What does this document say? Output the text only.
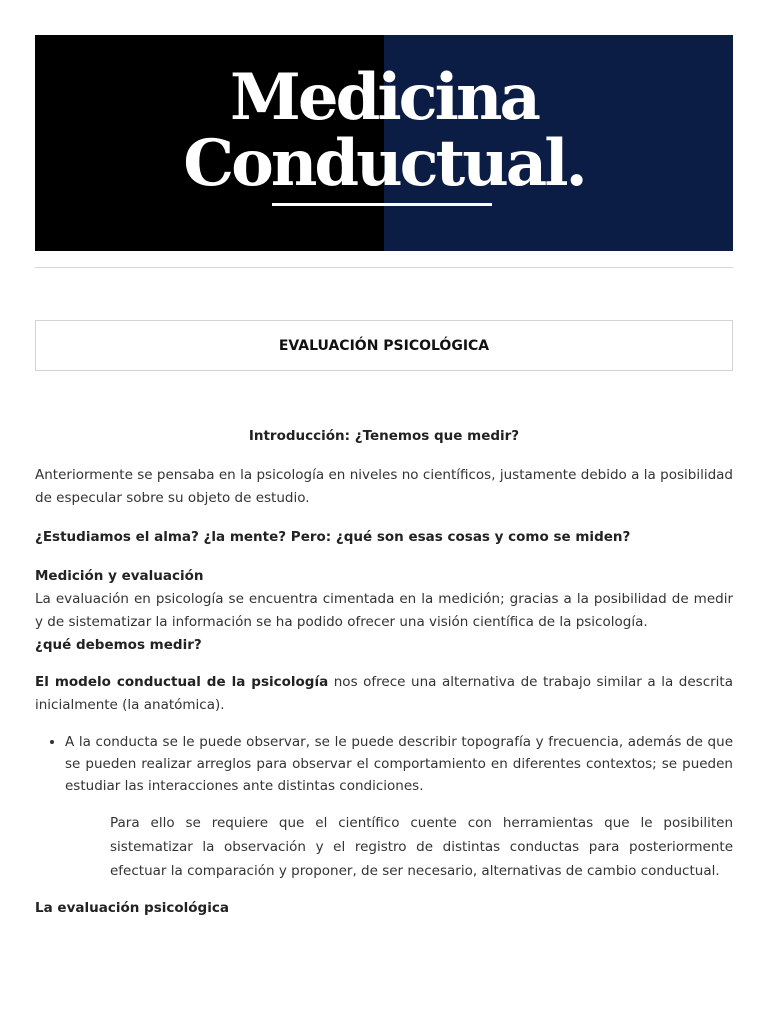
Medicina
Conductual.
EVALUACIÓN PSICOLÓGICA

Introducción: ¿Tenemos que medir?

Anteriormente se pensaba en la psicología en niveles no científicos, justamente debido a la posibilidad de especular sobre su objeto de estudio.

¿Estudiamos el alma? ¿la mente? Pero: ¿qué son esas cosas y como se miden?

Medición y evaluación

La evaluación en psicología se encuentra cimentada en la medición; gracias a la posibilidad de medir y de sistematizar la información se ha podido ofrecer una visión científica de la psicología.

¿qué debemos medir?

El modelo conductual de la psicología nos ofrece una alternativa de trabajo similar a la descrita inicialmente (la anatómica).

• A la conducta se le puede observar, se le puede describir topografía y frecuencia, además de que se pueden realizar arreglos para observar el comportamiento en diferentes contextos; se pueden estudiar las interacciones ante distintas condiciones.

Para ello se requiere que el científico cuente con herramientas que le posibiliten sistematizar la observación y el registro de distintas conductas para posteriormente efectuar la comparación y proponer, de ser necesario, alternativas de cambio conductual.

La evaluación psicológica
